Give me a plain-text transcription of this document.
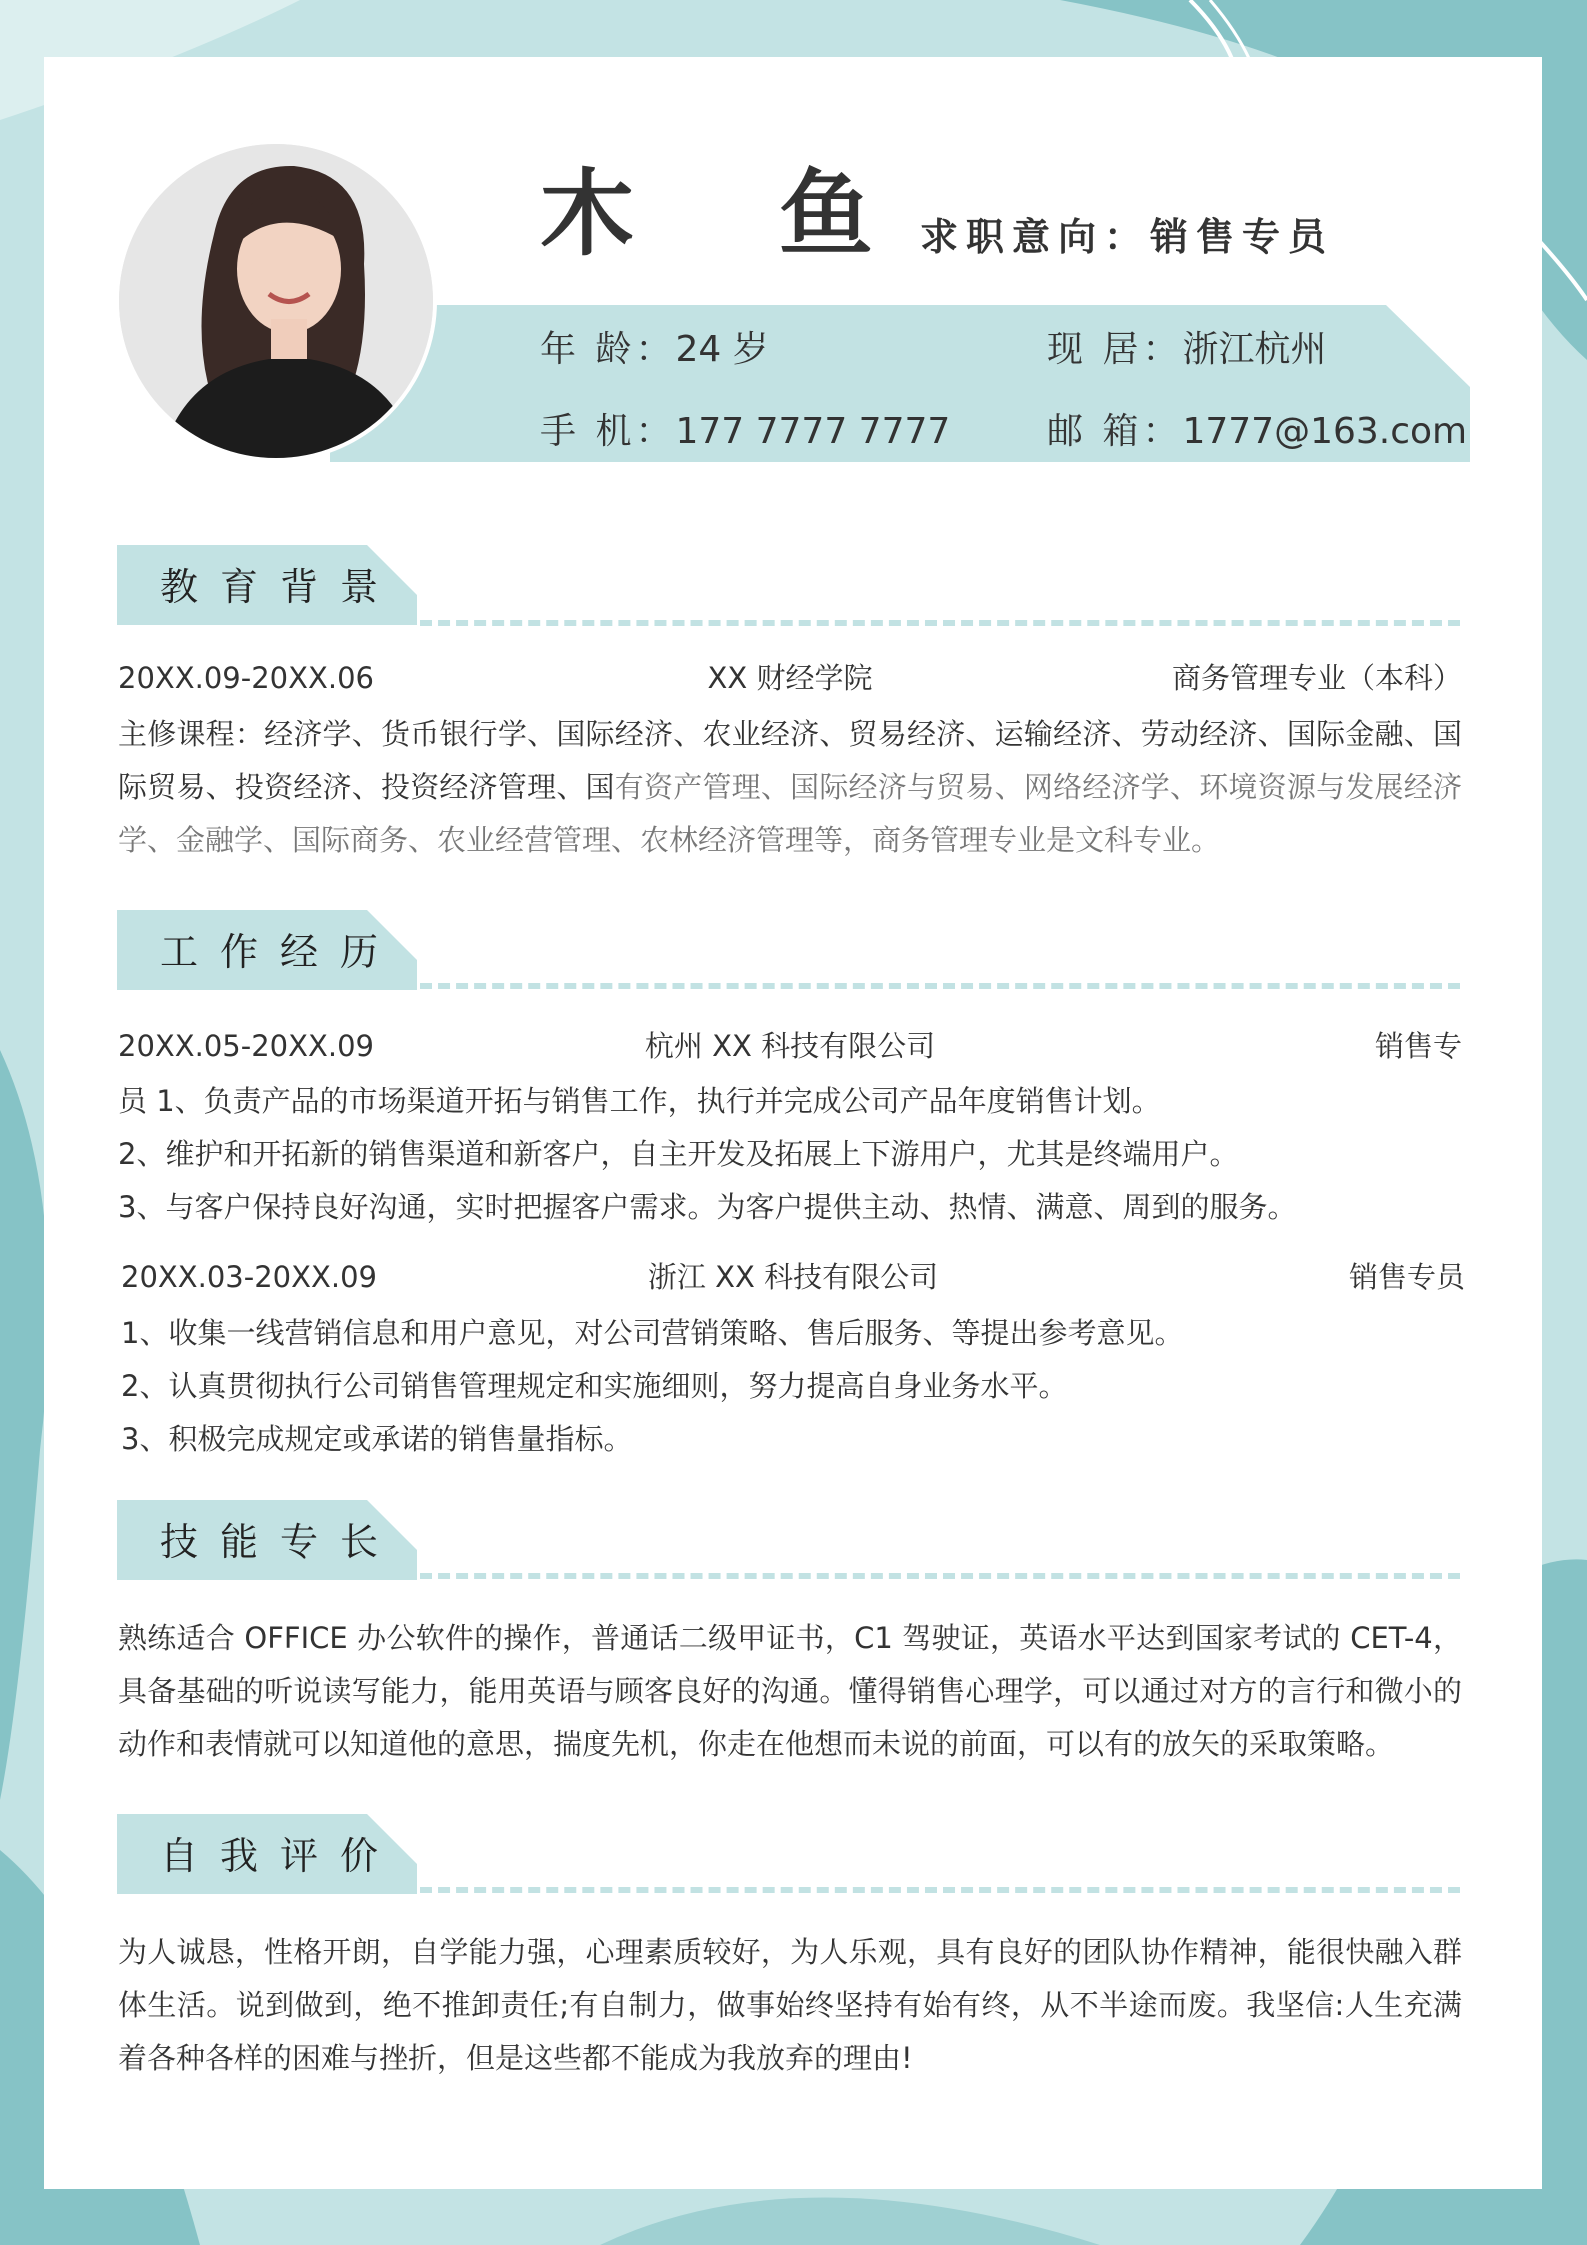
木 鱼
求职意向：销售专员
年 龄：24 岁	现 居：浙江杭州
手 机：177 7777 7777	邮 箱：1777@163.com
教育背景
20XX.09-20XX.06	XX 财经学院	商务管理专业（本科）
主修课程：经济学、货币银行学、国际经济、农业经济、贸易经济、运输经济、劳动经济、国际金融、国际贸易、投资经济、投资经济管理、国有资产管理、国际经济与贸易、网络经济学、环境资源与发展经济学、金融学、国际商务、农业经营管理、农林经济管理等，商务管理专业是文科专业。
工作经历
20XX.05-20XX.09	杭州 XX 科技有限公司	销售专
员 1、负责产品的市场渠道开拓与销售工作，执行并完成公司产品年度销售计划。
2、维护和开拓新的销售渠道和新客户，自主开发及拓展上下游用户，尤其是终端用户。
3、与客户保持良好沟通，实时把握客户需求。为客户提供主动、热情、满意、周到的服务。
20XX.03-20XX.09	浙江 XX 科技有限公司	销售专员
1、收集一线营销信息和用户意见，对公司营销策略、售后服务、等提出参考意见。
2、认真贯彻执行公司销售管理规定和实施细则，努力提高自身业务水平。
3、积极完成规定或承诺的销售量指标。
技能专长
熟练适合 OFFICE 办公软件的操作，普通话二级甲证书，C1 驾驶证，英语水平达到国家考试的 CET-4，具备基础的听说读写能力，能用英语与顾客良好的沟通。懂得销售心理学，可以通过对方的言行和微小的动作和表情就可以知道他的意思，揣度先机，你走在他想而未说的前面，可以有的放矢的采取策略。
自我评价
为人诚恳，性格开朗，自学能力强，心理素质较好，为人乐观，具有良好的团队协作精神，能很快融入群体生活。说到做到，绝不推卸责任;有自制力，做事始终坚持有始有终，从不半途而废。我坚信:人生充满着各种各样的困难与挫折，但是这些都不能成为我放弃的理由!
